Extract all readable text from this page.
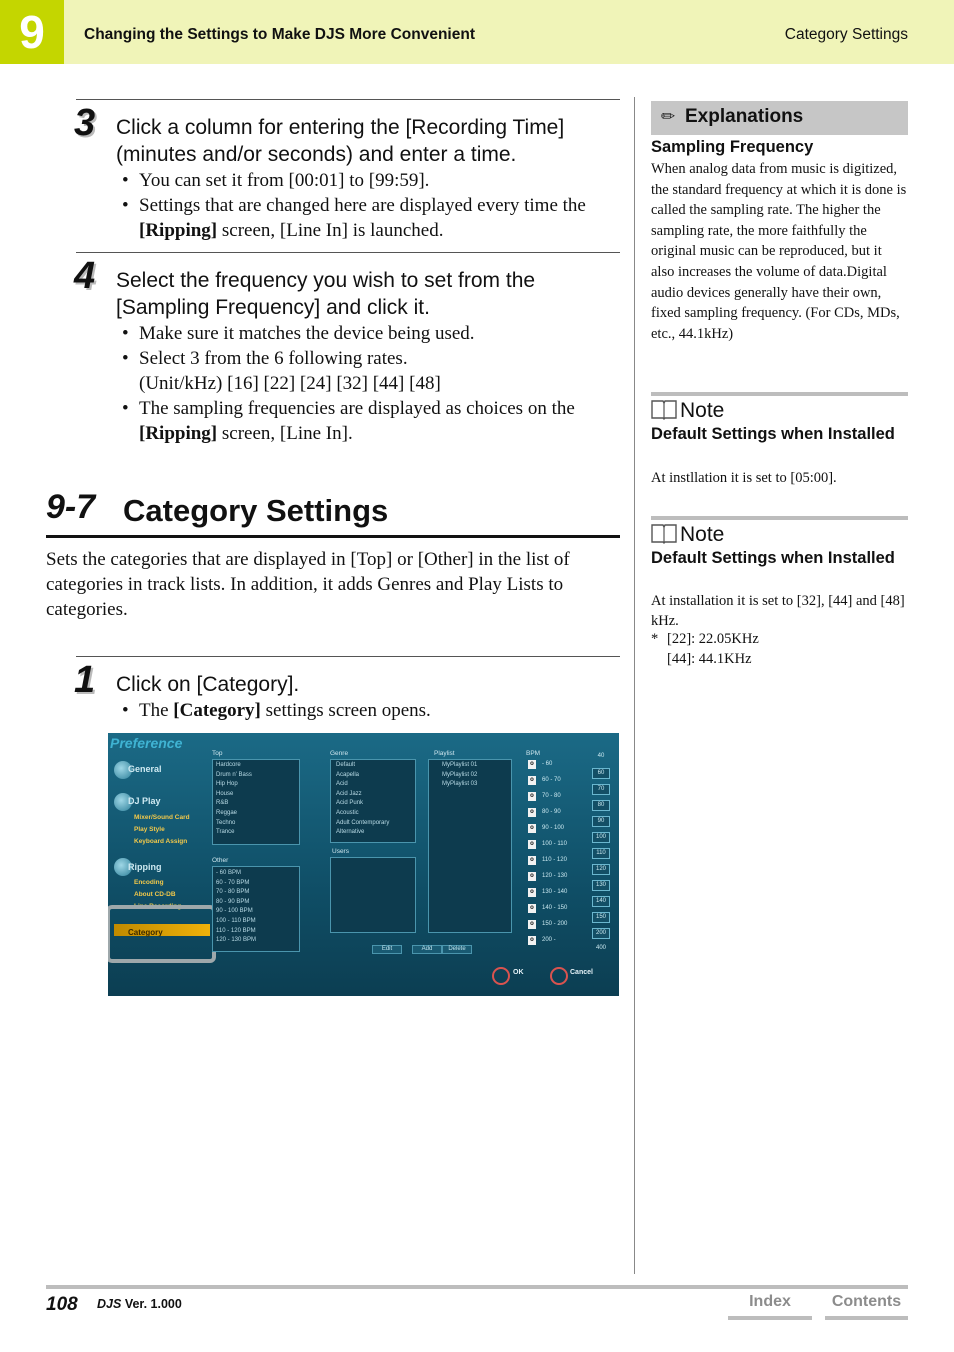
9	Changing the Settings to Make DJS More Convenient	Category Settings
3 Click a column for entering the [Recording Time] (minutes and/or seconds) and enter a time.
• You can set it from [00:01] to [99:59].
• Settings that are changed here are displayed every time the [Ripping] screen, [Line In] is launched.
4 Select the frequency you wish to set from the [Sampling Frequency] and click it.
• Make sure it matches the device being used.
• Select 3 from the 6 following rates.
(Unit/kHz) [16] [22] [24] [32] [44] [48]
• The sampling frequencies are displayed as choices on the [Ripping] screen, [Line In].
9-7 Category Settings
Sets the categories that are displayed in [Top] or [Other] in the list of categories in track lists. In addition, it adds Genres and Play Lists to categories.
1 Click on [Category].
• The [Category] settings screen opens.
Preference
General
DJ Play
Mixer/Sound Card
Play Style
Keyboard Assign
Ripping
Encoding
About CD-DB
Line Recording
Category
Top
Hardcore
Drum n' Bass
Hip Hop
House
R&B
Reggae
Techno
Trance
Other
- 60 BPM
60 - 70 BPM
70 - 80 BPM
80 - 90 BPM
90 - 100 BPM
100 - 110 BPM
110 - 120 BPM
120 - 130 BPM
Genre
Default
Acapella
Acid
Acid Jazz
Acid Punk
Acoustic
Adult Contemporary
Alternative
Users
Playlist
MyPlaylist 01
MyPlaylist 02
MyPlaylist 03
Edit	Add	Delete
BPM
OK	Cancel
o	- 60
o	60 - 70
o	70 - 80
o	80 - 90
o	90 - 100
o	100 - 110
o	110 - 120
o	120 - 130
o	130 - 140
o	140 - 150
o	150 - 200
o	200 -
40
60
70
80
90
100
110
120
130
140
150
200
400
✏ Explanations
Sampling Frequency
When analog data from music is digitized, the standard frequency at which it is done is called the sampling rate. The higher the sampling rate, the more faithfully the original music can be reproduced, but it also increases the volume of data.Digital audio devices generally have their own, fixed sampling frequency. (For CDs, MDs, etc., 44.1kHz)
Note
Default Settings when Installed
At instllation it is set to [05:00].
Note
Default Settings when Installed
At installation it is set to [32], [44] and [48] kHz.
* [22]: 22.05KHz
[44]: 44.1KHz
108 DJS Ver. 1.000	Index	Contents
